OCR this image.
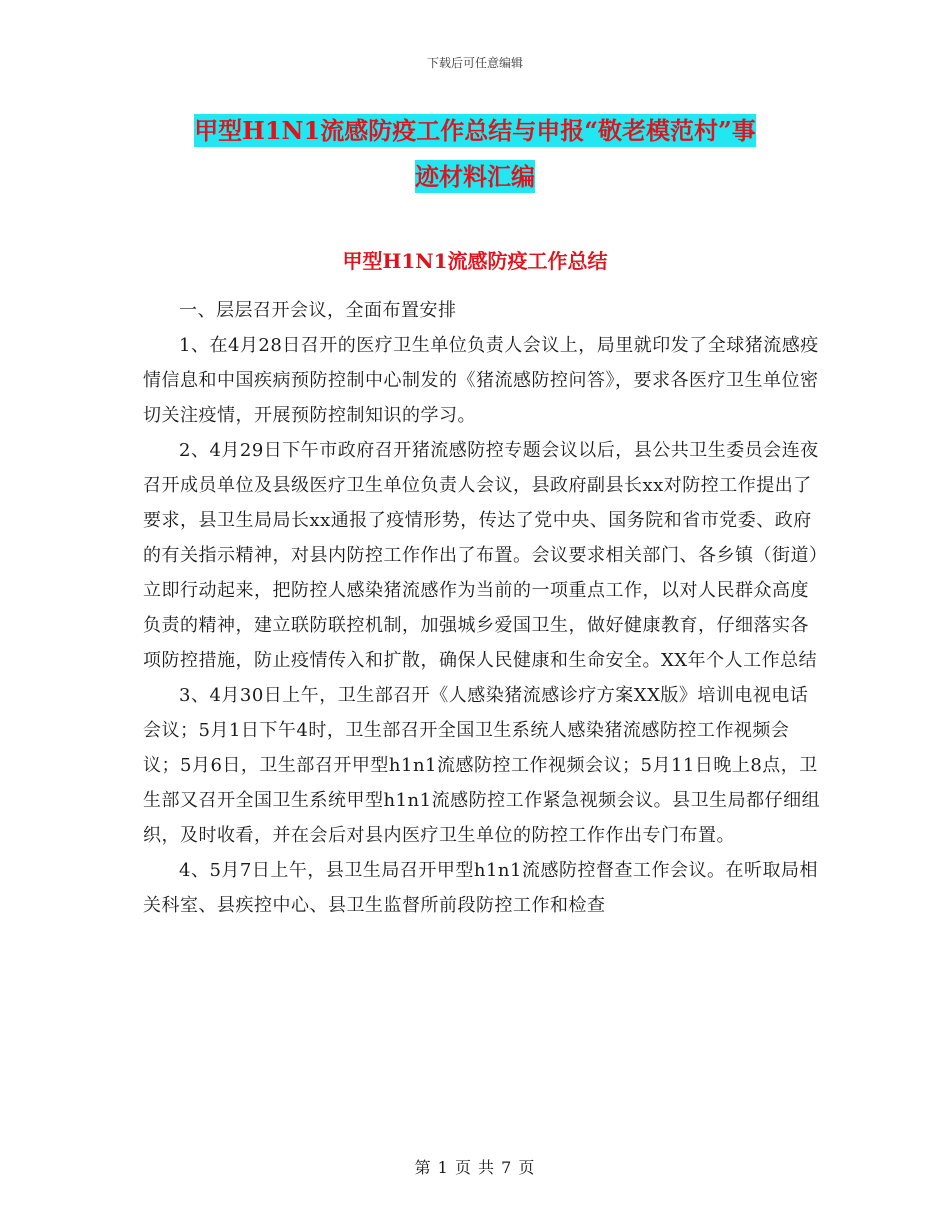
下载后可任意编辑
甲型H1N1流感防疫工作总结与申报“敬老模范村”事
迹材料汇编
甲型H1N1流感防疫工作总结

一、层层召开会议，全面布置安排

1、在4月28日召开的医疗卫生单位负责人会议上，局里就印发了全球猪流感疫情信息和中国疾病预防控制中心制发的《猪流感防控问答》，要求各医疗卫生单位密切关注疫情，开展预防控制知识的学习。

2、4月29日下午市政府召开猪流感防控专题会议以后，县公共卫生委员会连夜召开成员单位及县级医疗卫生单位负责人会议，县政府副县长xx对防控工作提出了要求，县卫生局局长xx通报了疫情形势，传达了党中央、国务院和省市党委、政府的有关指示精神，对县内防控工作作出了布置。会议要求相关部门、各乡镇（街道）立即行动起来，把防控人感染猪流感作为当前的一项重点工作，以对人民群众高度负责的精神，建立联防联控机制，加强城乡爱国卫生，做好健康教育，仔细落实各项防控措施，防止疫情传入和扩散，确保人民健康和生命安全。XX年个人工作总结

3、4月30日上午，卫生部召开《人感染猪流感诊疗方案XX版》培训电视电话会议；5月1日下午4时，卫生部召开全国卫生系统人感染猪流感防控工作视频会议；5月6日，卫生部召开甲型h1n1流感防控工作视频会议；5月11日晚上8点，卫生部又召开全国卫生系统甲型h1n1流感防控工作紧急视频会议。县卫生局都仔细组织，及时收看，并在会后对县内医疗卫生单位的防控工作作出专门布置。

4、5月7日上午，县卫生局召开甲型h1n1流感防控督查工作会议。在听取局相关科室、县疾控中心、县卫生监督所前段防控工作和检查

第 1 页 共 7 页
